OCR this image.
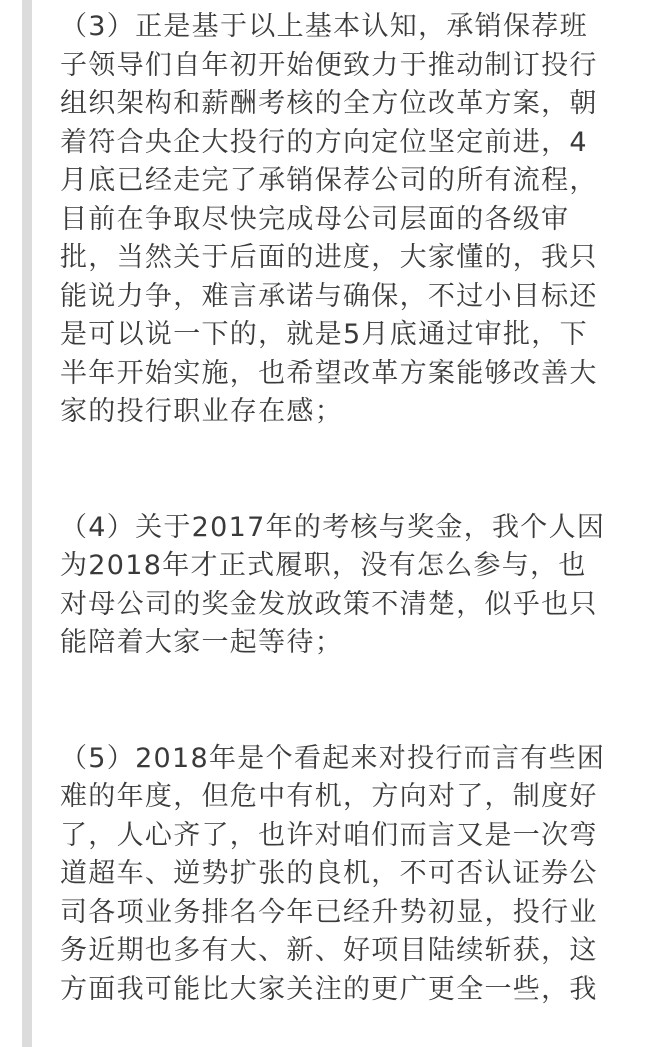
（3）正是基于以上基本认知，承销保荐班
子领导们自年初开始便致力于推动制订投行
组织架构和薪酬考核的全方位改革方案，朝
着符合央企大投行的方向定位坚定前进，4
月底已经走完了承销保荐公司的所有流程，
目前在争取尽快完成母公司层面的各级审
批，当然关于后面的进度，大家懂的，我只
能说力争，难言承诺与确保，不过小目标还
是可以说一下的，就是5月底通过审批，下
半年开始实施，也希望改革方案能够改善大
家的投行职业存在感；
（4）关于2017年的考核与奖金，我个人因
为2018年才正式履职，没有怎么参与，也
对母公司的奖金发放政策不清楚，似乎也只
能陪着大家一起等待；
（5）2018年是个看起来对投行而言有些困
难的年度，但危中有机，方向对了，制度好
了，人心齐了，也许对咱们而言又是一次弯
道超车、逆势扩张的良机，不可否认证券公
司各项业务排名今年已经升势初显，投行业
务近期也多有大、新、好项目陆续斩获，这
方面我可能比大家关注的更广更全一些，我
